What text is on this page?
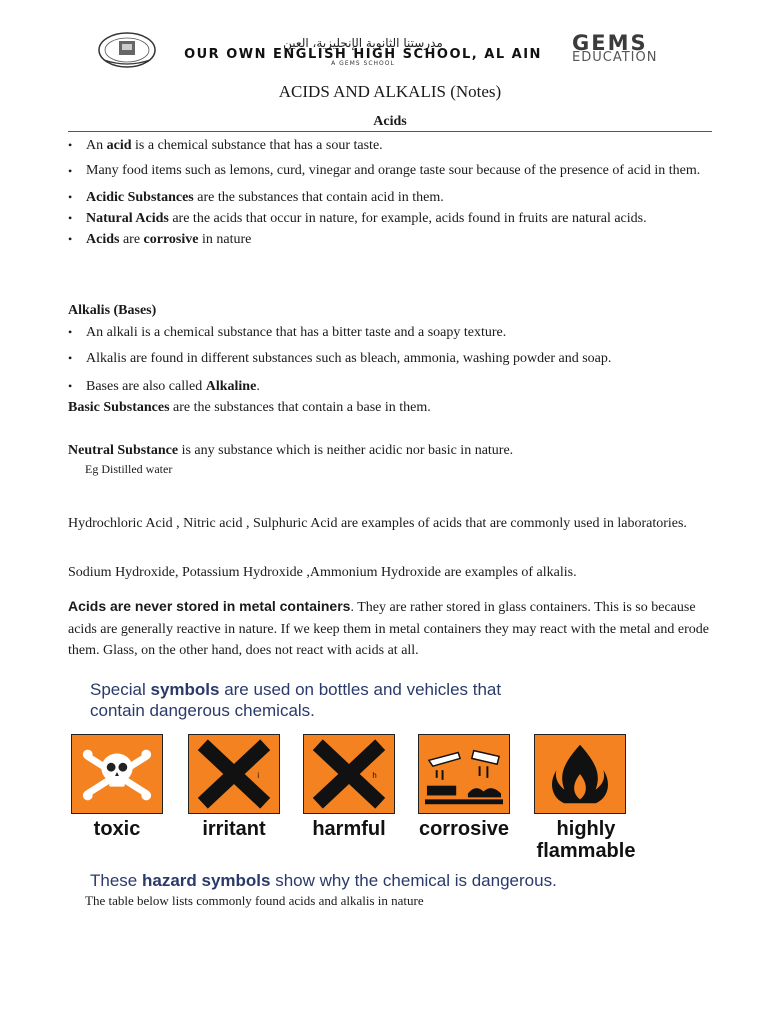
مدرستنا الثانوية الإنجليزية، العين
OUR OWN ENGLISH HIGH SCHOOL, AL AIN
A GEMS SCHOOL
GEMS
EDUCATION
ACIDS AND ALKALIS (Notes)
Acids
• An acid is a chemical substance that has a sour taste.
• Many food items such as lemons, curd, vinegar and orange taste sour because of the presence of acid in them.
• Acidic Substances are the substances that contain acid in them.
• Natural Acids are the acids that occur in nature, for example, acids found in fruits are natural acids.
• Acids are corrosive in nature
Alkalis (Bases)
• An alkali is a chemical substance that has a bitter taste and a soapy texture.
• Alkalis are found in different substances such as bleach, ammonia, washing powder and soap.
• Bases are also called Alkaline.
Basic Substances are the substances that contain a base in them.
Neutral Substance is any substance which is neither acidic nor basic in nature.
Eg Distilled water
Hydrochloric Acid , Nitric acid , Sulphuric Acid are examples of acids that are commonly used in laboratories.
Sodium Hydroxide, Potassium Hydroxide ,Ammonium Hydroxide are examples of alkalis.
Acids are never stored in metal containers. They are rather stored in glass containers. This is so because acids are generally reactive in nature. If we keep them in metal containers they may react with the metal and erode them. Glass, on the other hand, does not react with acids at all.
Special symbols are used on bottles and vehicles that
contain dangerous chemicals.
i	h
toxic	irritant	harmful	corrosive	highly flammable
These hazard symbols show why the chemical is dangerous.
The table below lists commonly found acids and alkalis in nature
